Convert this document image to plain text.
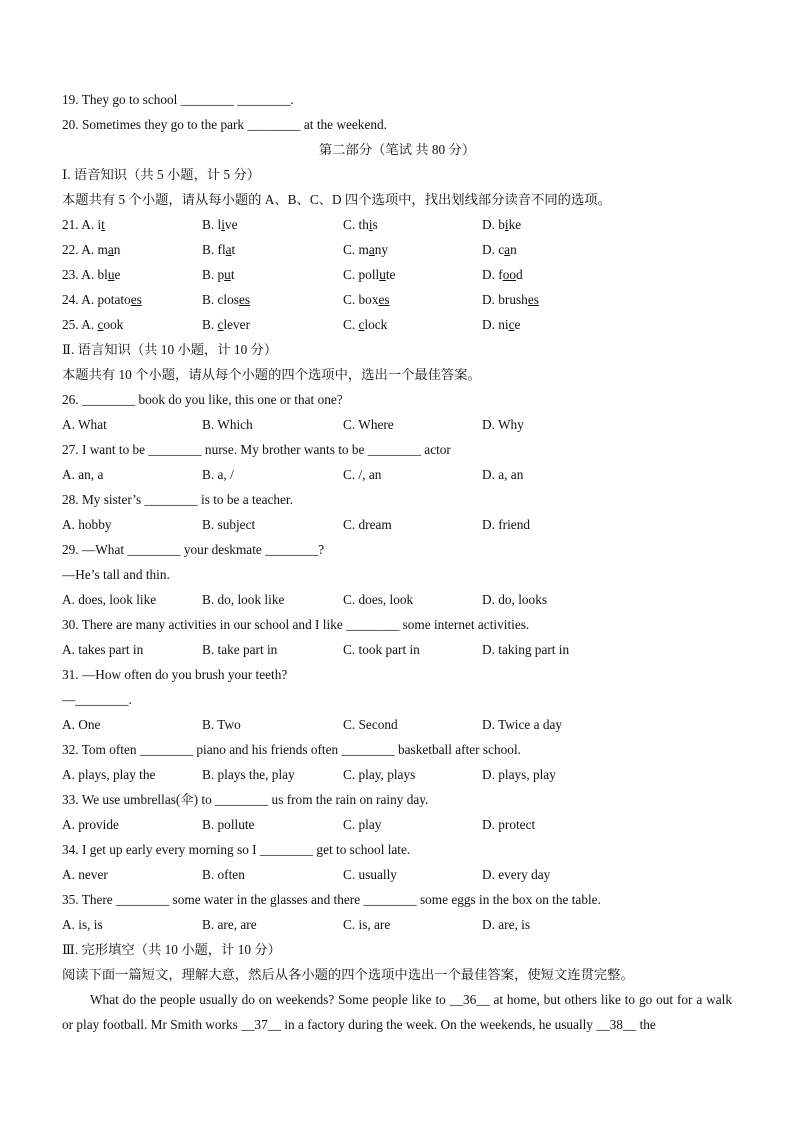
19. They go to school ________ ________.
20. Sometimes they go to the park ________ at the weekend.
第二部分（笔试 共 80 分）
Ⅰ. 语音知识（共 5 小题，计 5 分）
本题共有 5 个小题，请从每小题的 A、B、C、D 四个选项中，找出划线部分读音不同的选项。
21. A. it	B. live	C. this	D. bike
22. A. man	B. flat	C. many	D. can
23. A. blue	B. put	C. pollute	D. food
24. A. potatoes	B. closes	C. boxes	D. brushes
25. A. cook	B. clever	C. clock	D. nice
Ⅱ. 语言知识（共 10 小题，计 10 分）
本题共有 10 个小题，请从每个小题的四个选项中，选出一个最佳答案。
26. ________ book do you like, this one or that one?
A. What	B. Which	C. Where	D. Why
27. I want to be ________ nurse. My brother wants to be ________ actor
A. an, a	B. a, /	C. /, an	D. a, an
28. My sister’s ________ is to be a teacher.
A. hobby	B. subject	C. dream	D. friend
29. —What ________ your deskmate ________?
—He’s tall and thin.
A. does, look like	B. do, look like	C. does, look	D. do, looks
30. There are many activities in our school and I like ________ some internet activities.
A. takes part in	B. take part in	C. took part in	D. taking part in
31. —How often do you brush your teeth?
—________.
A. One	B. Two	C. Second	D. Twice a day
32. Tom often ________ piano and his friends often ________ basketball after school.
A. plays, play the	B. plays the, play	C. play, plays	D. plays, play
33. We use umbrellas(伞) to ________ us from the rain on rainy day.
A. provide	B. pollute	C. play	D. protect
34. I get up early every morning so I ________ get to school late.
A. never	B. often	C. usually	D. every day
35. There ________ some water in the glasses and there ________ some eggs in the box on the table.
A. is, is	B. are, are	C. is, are	D. are, is
Ⅲ. 完形填空（共 10 小题，计 10 分）
阅读下面一篇短文，理解大意，然后从各小题的四个选项中选出一个最佳答案，使短文连贯完整。
What do the people usually do on weekends? Some people like to __36__ at home, but others like to go out for a walk or play football. Mr Smith works __37__ in a factory during the week. On the weekends, he usually __38__ the
